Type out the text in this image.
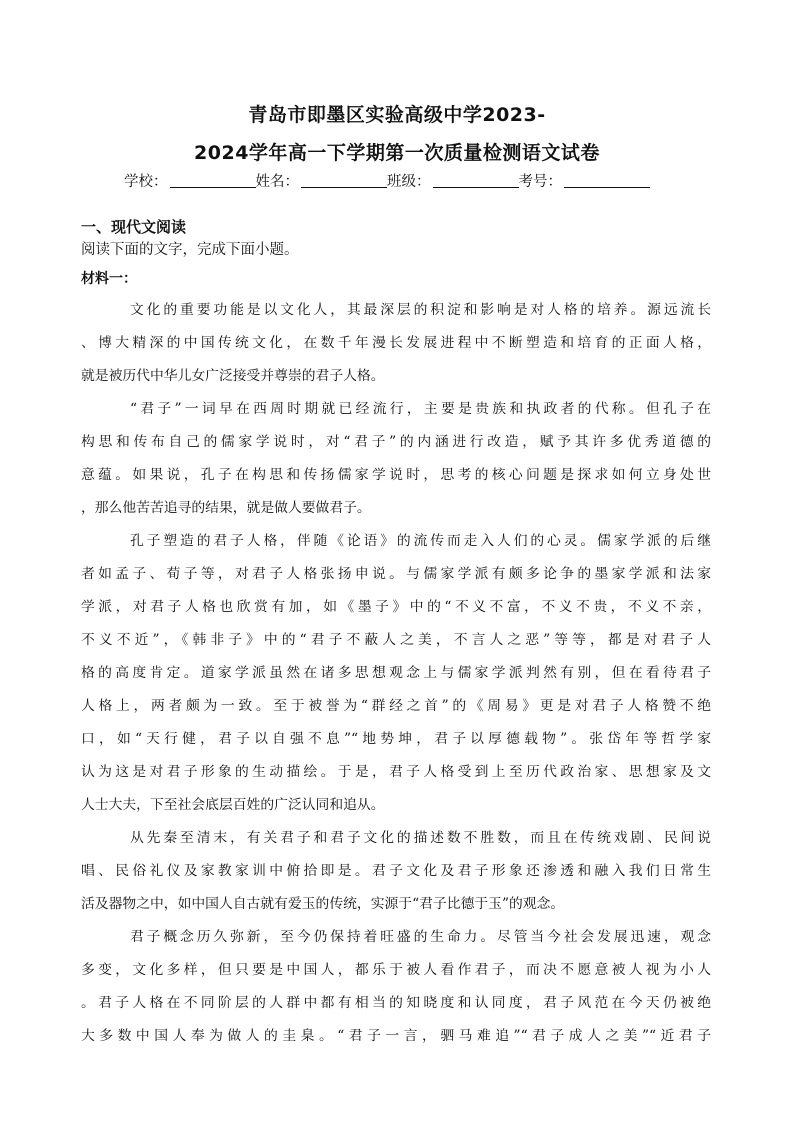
青岛市即墨区实验高级中学2023-
2024学年高一下学期第一次质量检测语文试卷
学校：	姓名：	班级：	考号：
一、现代文阅读
阅读下面的文字，完成下面小题。
材料一：
文化的重要功能是以文化人，其最深层的积淀和影响是对人格的培养。源远流长
、博大精深的中国传统文化，在数千年漫长发展进程中不断塑造和培育的正面人格，
就是被历代中华儿女广泛接受并尊崇的君子人格。
“君子”一词早在西周时期就已经流行，主要是贵族和执政者的代称。但孔子在
构思和传布自己的儒家学说时，对“君子”的内涵进行改造，赋予其许多优秀道德的
意蕴。如果说，孔子在构思和传扬儒家学说时，思考的核心问题是探求如何立身处世
，那么他苦苦追寻的结果，就是做人要做君子。
孔子塑造的君子人格，伴随《论语》的流传而走入人们的心灵。儒家学派的后继
者如孟子、荀子等，对君子人格张扬申说。与儒家学派有颇多论争的墨家学派和法家
学派，对君子人格也欣赏有加，如《墨子》中的“不义不富，不义不贵，不义不亲，
不义不近”，《韩非子》中的“君子不蔽人之美，不言人之恶”等等，都是对君子人
格的高度肯定。道家学派虽然在诸多思想观念上与儒家学派判然有别，但在看待君子
人格上，两者颇为一致。至于被誉为“群经之首”的《周易》更是对君子人格赞不绝
口，如“天行健，君子以自强不息”“地势坤，君子以厚德载物”。张岱年等哲学家
认为这是对君子形象的生动描绘。于是，君子人格受到上至历代政治家、思想家及文
人士大夫，下至社会底层百姓的广泛认同和追从。
从先秦至清末，有关君子和君子文化的描述数不胜数，而且在传统戏剧、民间说
唱、民俗礼仪及家教家训中俯拾即是。君子文化及君子形象还渗透和融入我们日常生
活及器物之中，如中国人自古就有爱玉的传统，实源于“君子比德于玉”的观念。
君子概念历久弥新，至今仍保持着旺盛的生命力。尽管当今社会发展迅速，观念
多变，文化多样，但只要是中国人，都乐于被人看作君子，而决不愿意被人视为小人
。君子人格在不同阶层的人群中都有相当的知晓度和认同度，君子风范在今天仍被绝
大多数中国人奉为做人的圭臬。“君子一言，驷马难追”“君子成人之美”“近君子
